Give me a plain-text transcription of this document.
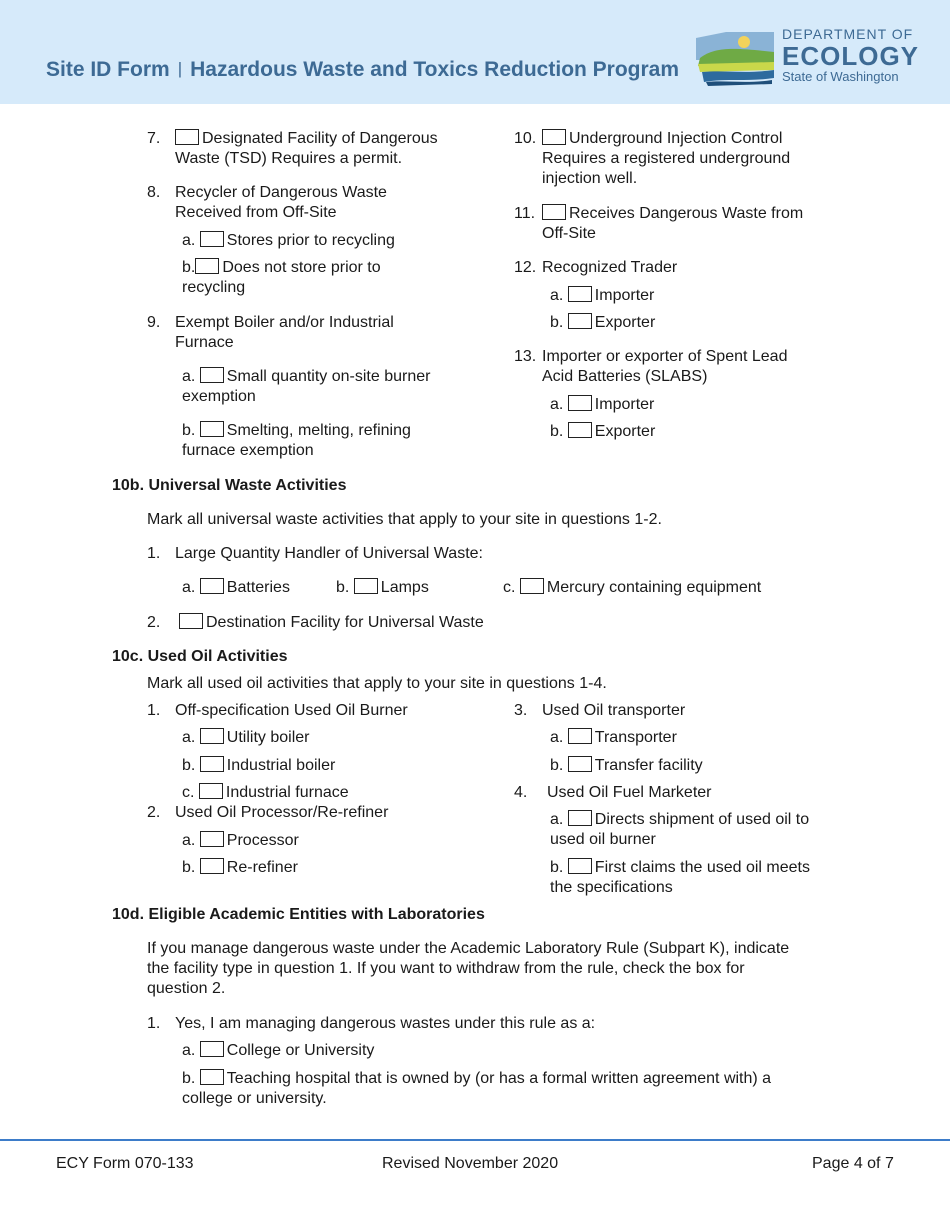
Site ID Form | Hazardous Waste and Toxics Reduction Program
DEPARTMENT OF
ECOLOGY
State of Washington
7.	Designated Facility of Dangerous
Waste (TSD) Requires a permit.
8. Recycler of Dangerous Waste
Received from Off-Site
a. Stores prior to recycling
b. Does not store prior to
recycling
9. Exempt Boiler and/or Industrial
Furnace
a. Small quantity on-site burner
exemption
b. Smelting, melting, refining
furnace exemption
10.	Underground Injection Control
Requires a registered underground
injection well.
11.	Receives Dangerous Waste from
Off-Site
12. Recognized Trader
a. Importer
b. Exporter
13. Importer or exporter of Spent Lead
Acid Batteries (SLABS)
a. Importer
b. Exporter
10b. Universal Waste Activities
Mark all universal waste activities that apply to your site in questions 1-2.
1. Large Quantity Handler of Universal Waste:
a. Batteries	b. Lamps	c. Mercury containing equipment
2.	Destination Facility for Universal Waste
10c. Used Oil Activities
Mark all used oil activities that apply to your site in questions 1-4.
1. Off-specification Used Oil Burner
a. Utility boiler
b. Industrial boiler
c. Industrial furnace
2. Used Oil Processor/Re-refiner
a. Processor
b. Re-refiner
3. Used Oil transporter
a. Transporter
b. Transfer facility
4. Used Oil Fuel Marketer
a. Directs shipment of used oil to
used oil burner
b. First claims the used oil meets
the specifications
10d. Eligible Academic Entities with Laboratories
If you manage dangerous waste under the Academic Laboratory Rule (Subpart K), indicate
the facility type in question 1. If you want to withdraw from the rule, check the box for
question 2.
1. Yes, I am managing dangerous wastes under this rule as a:
a. College or University
b. Teaching hospital that is owned by (or has a formal written agreement with) a
college or university.
ECY Form 070-133	Revised November 2020	Page 4 of 7
